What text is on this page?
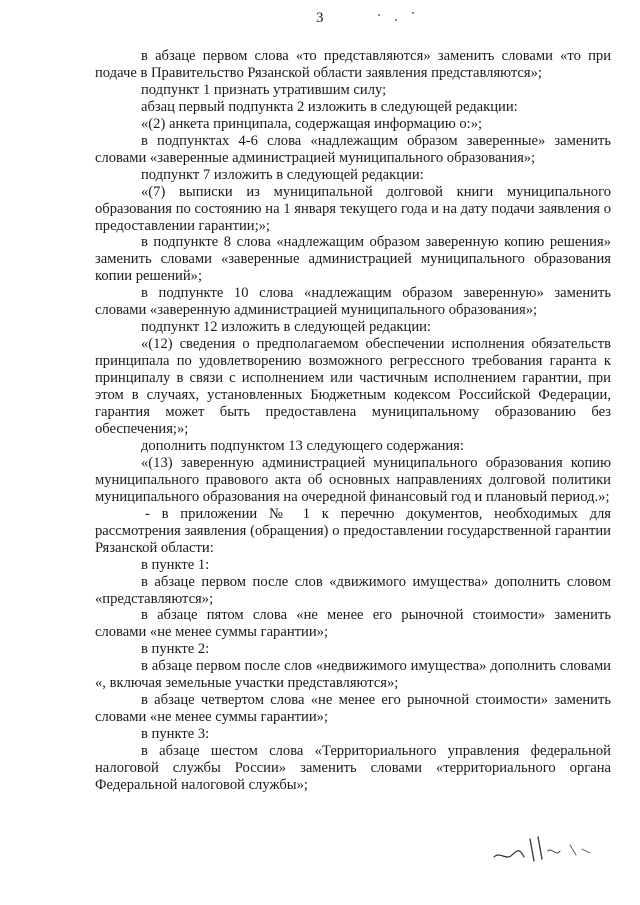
3

в абзаце первом слова «то представляются» заменить словами «то при подаче в Правительство Рязанской области заявления представляются»;

подпункт 1 признать утратившим силу;

абзац первый подпункта 2 изложить в следующей редакции:

«(2) анкета принципала, содержащая информацию о:»;

в подпунктах 4-6 слова «надлежащим образом заверенные» заменить словами «заверенные администрацией муниципального образования»;

подпункт 7 изложить в следующей редакции:

«(7) выписки из муниципальной долговой книги муниципального образования по состоянию на 1 января текущего года и на дату подачи заявления о предоставлении гарантии;»;

в подпункте 8 слова «надлежащим образом заверенную копию решения» заменить словами «заверенные администрацией муниципального образования копии решений»;

в подпункте 10 слова «надлежащим образом заверенную» заменить словами «заверенную администрацией муниципального образования»;

подпункт 12 изложить в следующей редакции:

«(12) сведения о предполагаемом обеспечении исполнения обязательств принципала по удовлетворению возможного регрессного требования гаранта к принципалу в связи с исполнением или частичным исполнением гарантии, при этом в случаях, установленных Бюджетным кодексом Российской Федерации, гарантия может быть предоставлена муниципальному образованию без обеспечения;»;

дополнить подпунктом 13 следующего содержания:

«(13) заверенную администрацией муниципального образования копию муниципального правового акта об основных направлениях долговой политики муниципального образования на очередной финансовый год и плановый период.»;

- в приложении № 1 к перечню документов, необходимых для рассмотрения заявления (обращения) о предоставлении государственной гарантии Рязанской области:

в пункте 1:

в абзаце первом после слов «движимого имущества» дополнить словом «представляются»;

в абзаце пятом слова «не менее его рыночной стоимости» заменить словами «не менее суммы гарантии»;

в пункте 2:

в абзаце первом после слов «недвижимого имущества» дополнить словами «, включая земельные участки представляются»;

в абзаце четвертом слова «не менее его рыночной стоимости» заменить словами «не менее суммы гарантии»;

в пункте 3:

в абзаце шестом слова «Территориального управления федеральной налоговой службы России» заменить словами «территориального органа Федеральной налоговой службы»;
